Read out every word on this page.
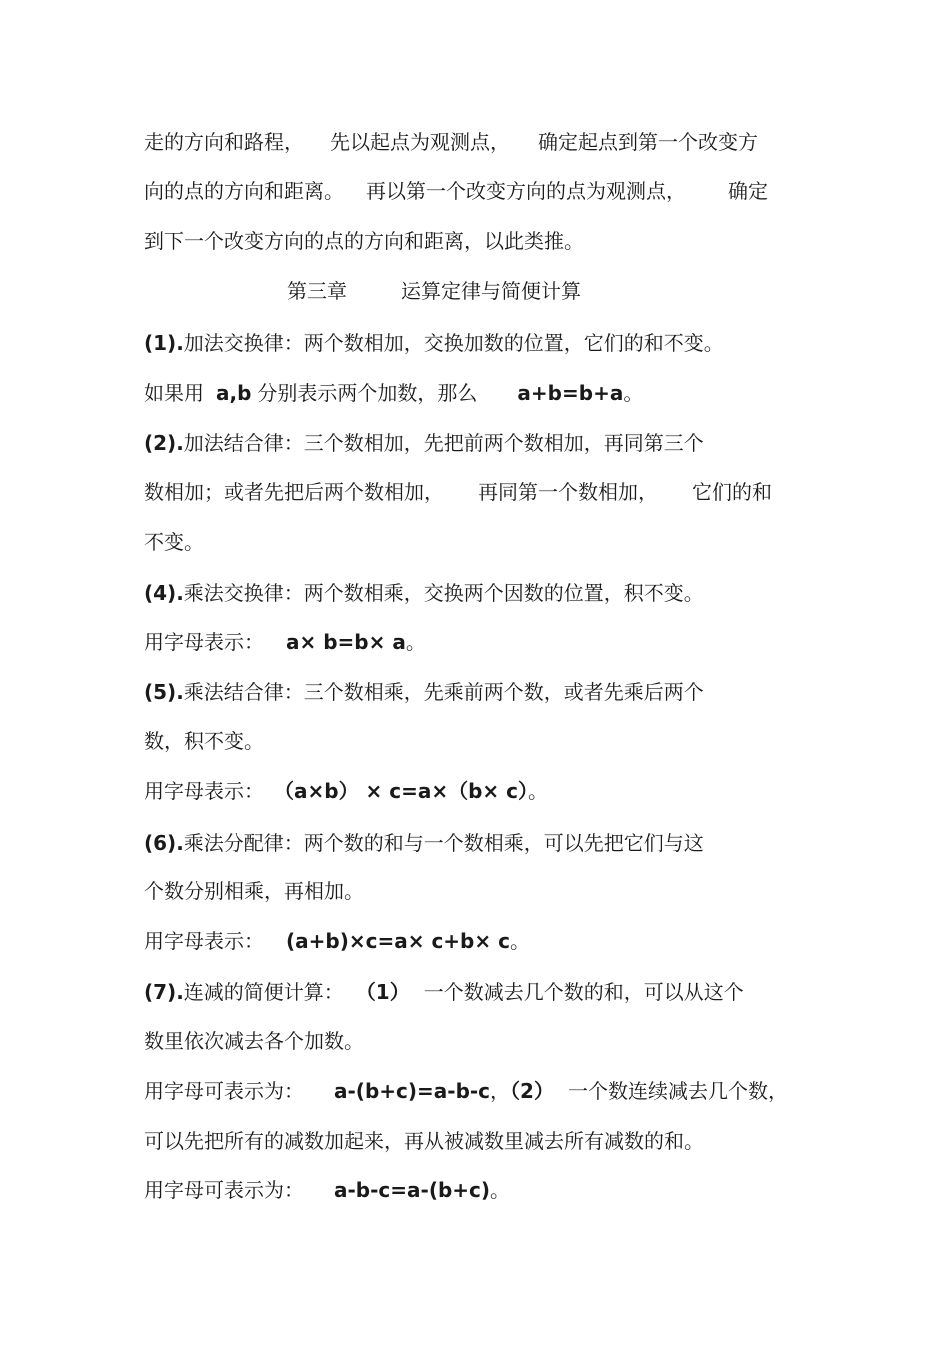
走的方向和路程， 先以起点为观测点， 确定起点到第一个改变方
向的点的方向和距离。 再以第一个改变方向的点为观测点， 确定
到下一个改变方向的点的方向和距离，以此类推。
第三章	运算定律与简便计算
(1).加法交换律：两个数相加，交换加数的位置，它们的和不变。
如果用 a,b 分别表示两个加数，那么 a+b=b+a。
(2).加法结合律：三个数相加，先把前两个数相加，再同第三个
数相加；或者先把后两个数相加， 再同第一个数相加， 它们的和
不变。
(4).乘法交换律：两个数相乘，交换两个因数的位置，积不变。
用字母表示： a× b=b× a。
(5).乘法结合律：三个数相乘，先乘前两个数，或者先乘后两个
数，积不变。
用字母表示： （a×b） × c=a×（b× c）。
(6).乘法分配律：两个数的和与一个数相乘，可以先把它们与这
个数分别相乘，再相加。
用字母表示： (a+b)×c=a× c+b× c。
(7).连减的简便计算： （1） 一个数减去几个数的和，可以从这个
数里依次减去各个加数。
用字母可表示为： a-(b+c)=a-b-c，（2） 一个数连续减去几个数，
可以先把所有的减数加起来，再从被减数里减去所有减数的和。
用字母可表示为： a-b-c=a-(b+c)。
